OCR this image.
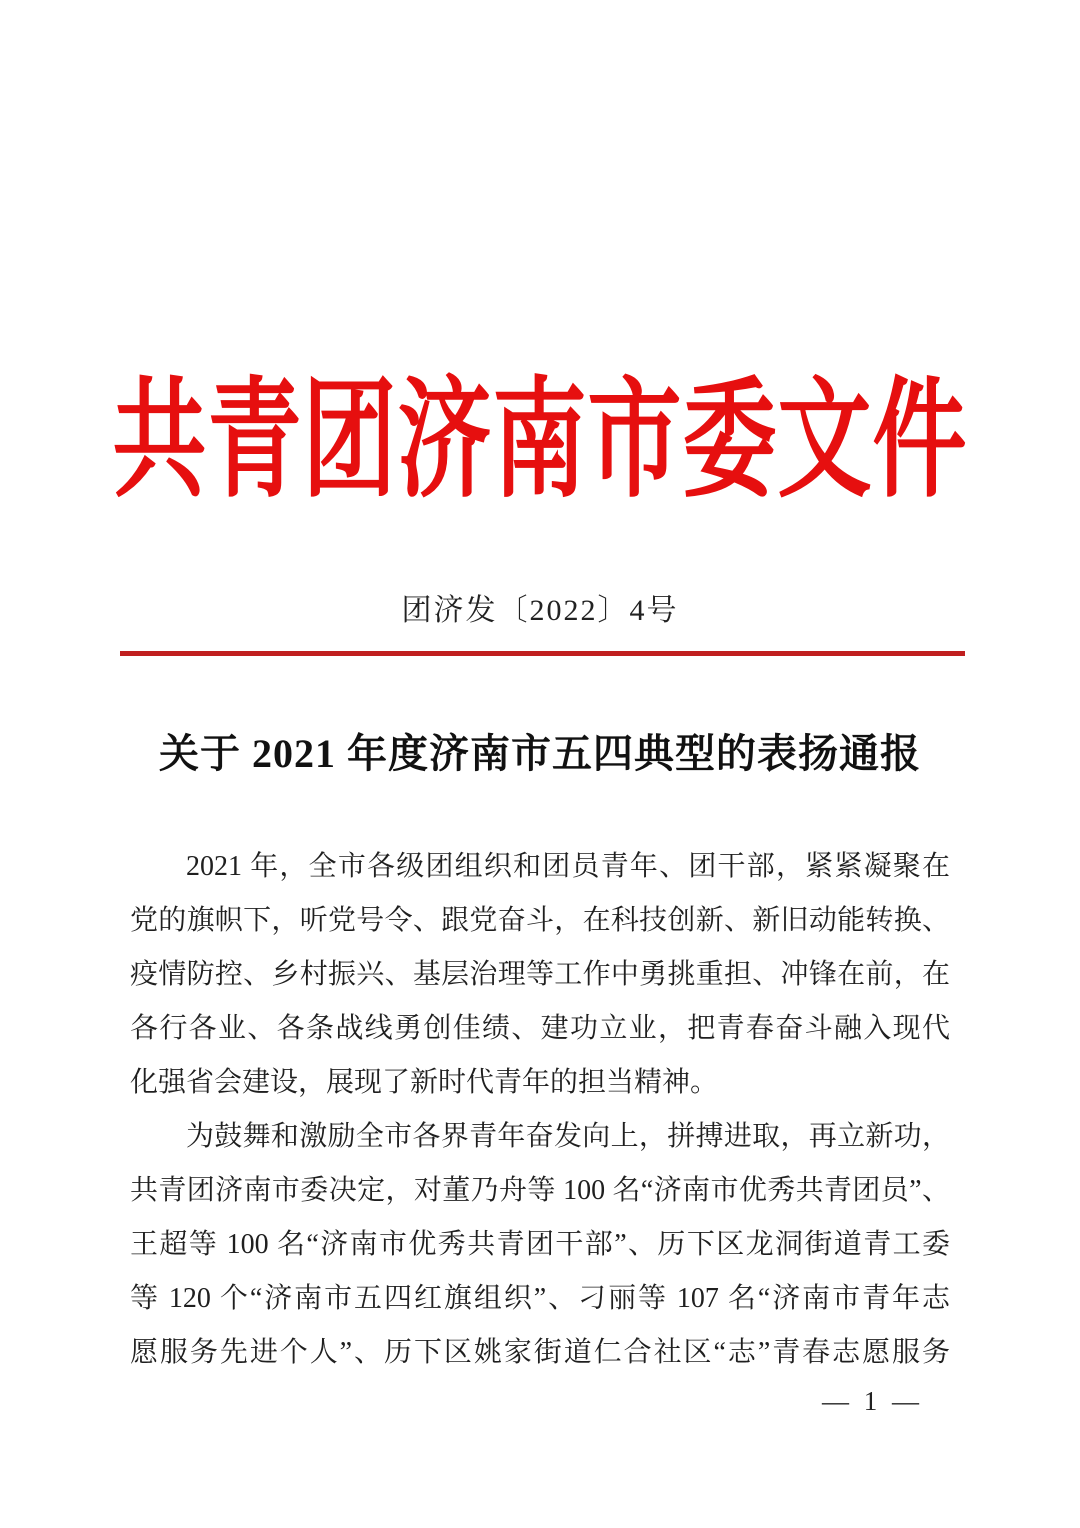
共青团济南市委文件
团济发〔2022〕4号
关于 2021 年度济南市五四典型的表扬通报

2021 年，全市各级团组织和团员青年、团干部，紧紧凝聚在

党的旗帜下，听党号令、跟党奋斗，在科技创新、新旧动能转换、

疫情防控、乡村振兴、基层治理等工作中勇挑重担、冲锋在前，在

各行各业、各条战线勇创佳绩、建功立业，把青春奋斗融入现代

化强省会建设，展现了新时代青年的担当精神。

为鼓舞和激励全市各界青年奋发向上，拼搏进取，再立新功，

共青团济南市委决定，对董乃舟等 100 名“济南市优秀共青团员”、

王超等 100 名“济南市优秀共青团干部”、历下区龙洞街道青工委

等 120 个“济南市五四红旗组织”、刁丽等 107 名“济南市青年志

愿服务先进个人”、历下区姚家街道仁合社区“志”青春志愿服务

— 1 —
